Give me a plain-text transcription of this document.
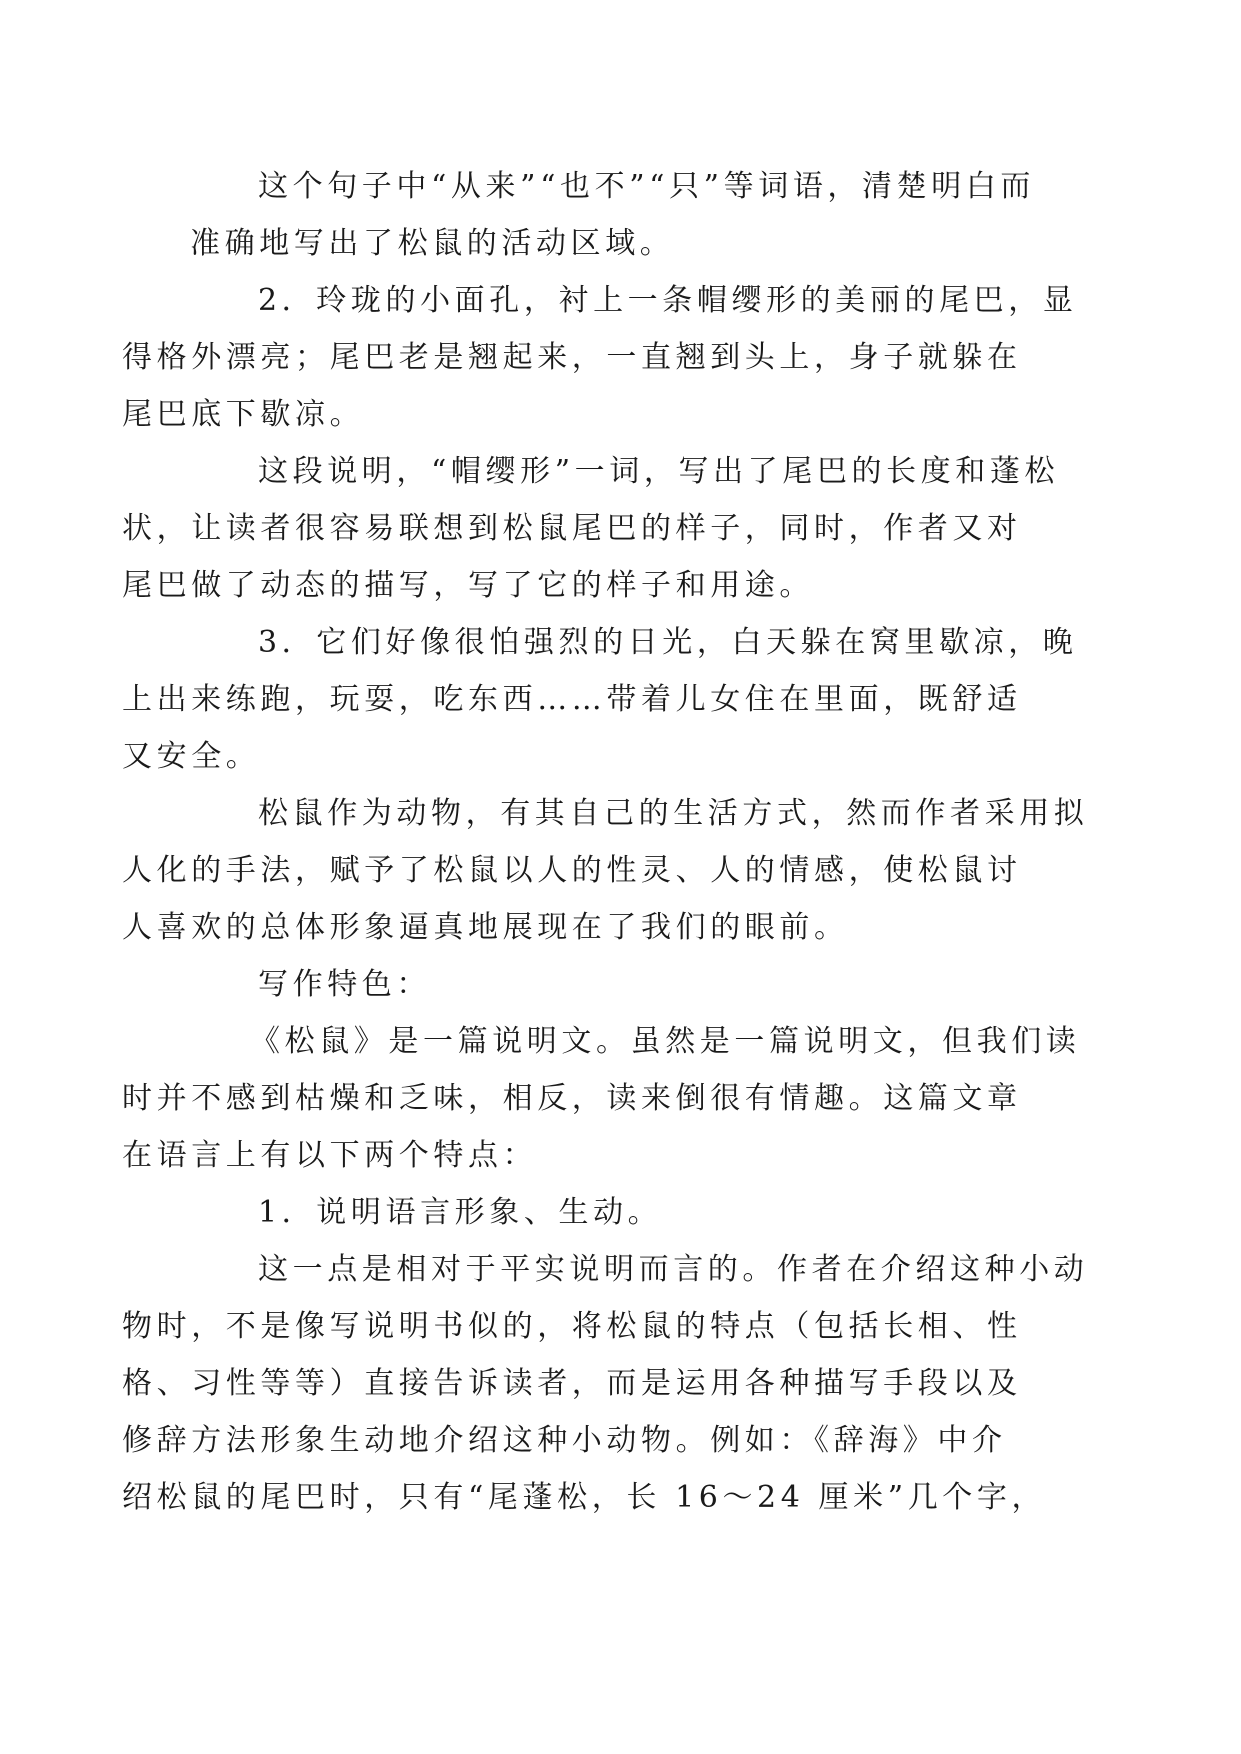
这个句子中“从来”“也不”“只”等词语，清楚明白而
准确地写出了松鼠的活动区域。

2．玲珑的小面孔，衬上一条帽缨形的美丽的尾巴，显
得格外漂亮；尾巴老是翘起来，一直翘到头上，身子就躲在
尾巴底下歇凉。

这段说明，“帽缨形”一词，写出了尾巴的长度和蓬松
状，让读者很容易联想到松鼠尾巴的样子，同时，作者又对
尾巴做了动态的描写，写了它的样子和用途。

3．它们好像很怕强烈的日光，白天躲在窝里歇凉，晚
上出来练跑，玩耍，吃东西……带着儿女住在里面，既舒适
又安全。

松鼠作为动物，有其自己的生活方式，然而作者采用拟
人化的手法，赋予了松鼠以人的性灵、人的情感，使松鼠讨
人喜欢的总体形象逼真地展现在了我们的眼前。

写作特色：

《松鼠》是一篇说明文。虽然是一篇说明文，但我们读
时并不感到枯燥和乏味，相反，读来倒很有情趣。这篇文章
在语言上有以下两个特点：

1．说明语言形象、生动。

这一点是相对于平实说明而言的。作者在介绍这种小动
物时，不是像写说明书似的，将松鼠的特点（包括长相、性
格、习性等等）直接告诉读者，而是运用各种描写手段以及
修辞方法形象生动地介绍这种小动物。例如：《辞海》中介
绍松鼠的尾巴时，只有“尾蓬松，长 16～24 厘米”几个字，
